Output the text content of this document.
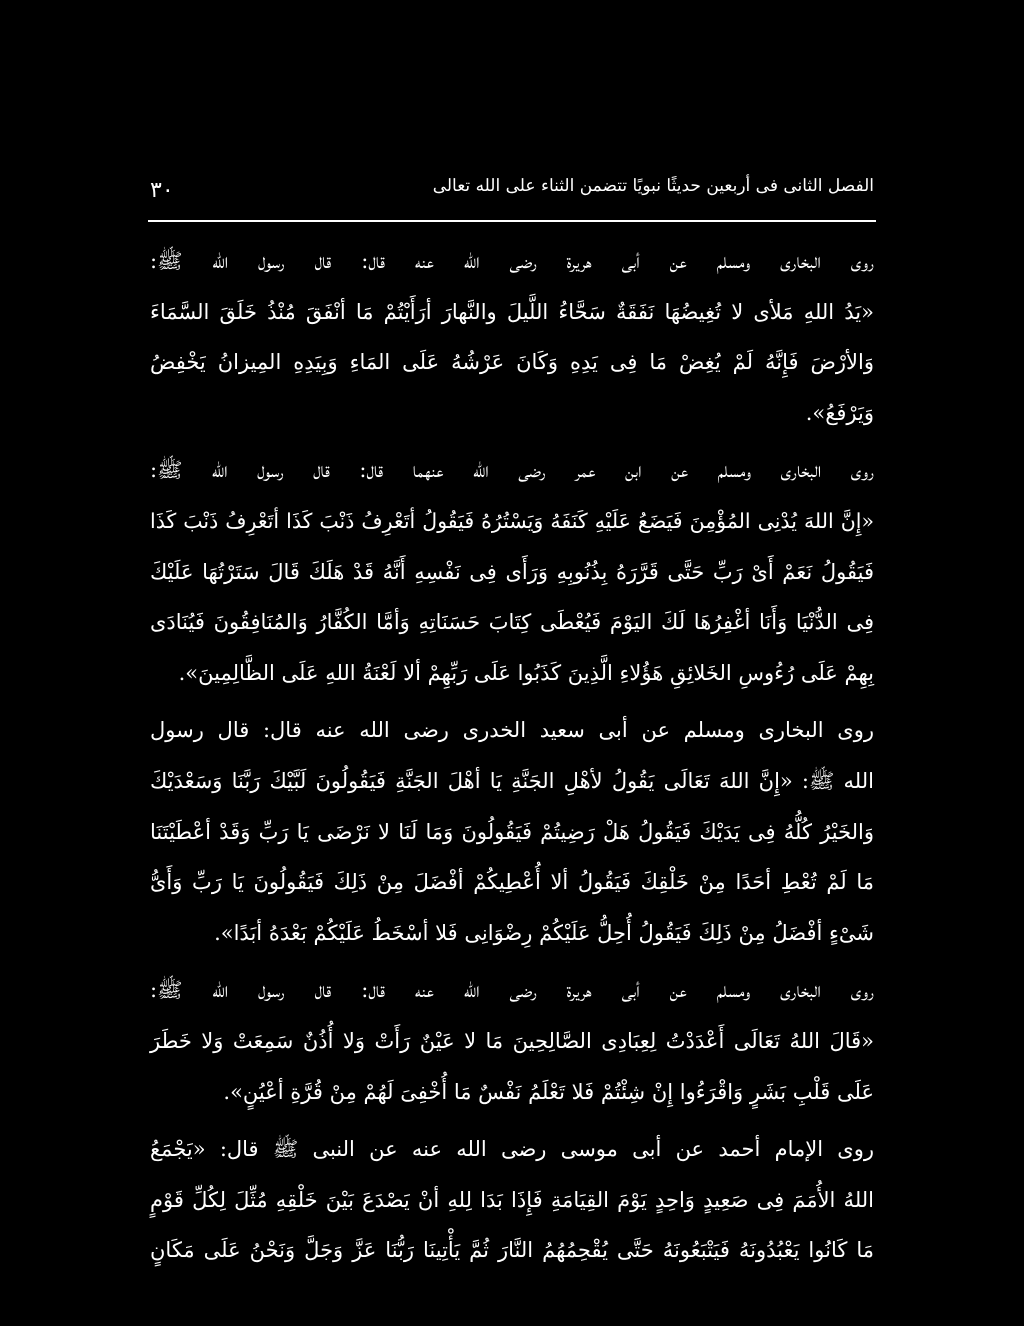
٣٠	الفصل الثانى فى أربعين حديثًا نبويًا تتضمن الثناء على الله تعالى

روى البخارى ومسلم عن أبى هريرة رضى الله عنه قال: قال رسول الله ﷺ:
«يَدُ اللهِ مَلأى لا تُغِيضُهَا نَفَقَةٌ سَحَّاءُ اللَّيلَ والنَّهارَ أرَأَيْتُمْ مَا أنْفَقَ مُنْذُ خَلَقَ السَّمَاءَ
وَالأرْضَ فَإِنَّهُ لَمْ يُغِضْ مَا فِى يَدِهِ وَكَانَ عَرْشُهُ عَلَى المَاءِ وَبِيَدِهِ المِيزانُ يَخْفِضُ
وَيَرْفَعُ».

روى البخارى ومسلم عن ابن عمر رضى الله عنهما قال: قال رسول الله ﷺ:
«إِنَّ اللهَ يُدْنِى المُؤْمِنَ فَيَضَعُ عَلَيْهِ كَنَفَهُ وَيَسْتُرُهُ فَيَقُولُ أتَعْرِفُ ذَنْبَ كَذَا أتَعْرِفُ ذَنْبَ كَذَا
فَيَقُولُ نَعَمْ أَىْ رَبِّ حَتَّى قَرَّرَهُ بِذُنُوبِهِ وَرَأَى فِى نَفْسِهِ أَنَّهُ قَدْ هَلَكَ قَالَ سَتَرْتُهَا عَلَيْكَ
فِى الدُّنْيَا وَأَنَا أغْفِرُهَا لَكَ اليَوْمَ فَيُعْطَى كِتَابَ حَسَنَاتِهِ وَأمَّا الكُفَّارُ وَالمُنَافِقُونَ فَيُنَادَى
بِهِمْ عَلَى رُءُوسِ الخَلائِقِ هَؤُلاءِ الَّذِينَ كَذَبُوا عَلَى رَبِّهِمْ ألا لَعْنَةُ اللهِ عَلَى الظَّالِمِينَ».

روى البخارى ومسلم عن أبى سعيد الخدرى رضى الله عنه قال: قال رسول
الله ﷺ: «إِنَّ اللهَ تَعَالَى يَقُولُ لأهْلِ الجَنَّةِ يَا أهْلَ الجَنَّةِ فَيَقُولُونَ لَبَّيْكَ رَبَّنَا وَسَعْدَيْكَ
وَالخَيْرُ كُلُّهُ فِى يَدَيْكَ فَيَقُولُ هَلْ رَضِيتُمْ فَيَقُولُونَ وَمَا لَنَا لا نَرْضَى يَا رَبِّ وَقَدْ أعْطَيْتَنَا
مَا لَمْ تُعْطِ أحَدًا مِنْ خَلْقِكَ فَيَقُولُ ألا أُعْطِيكُمْ أفْضَلَ مِنْ ذَلِكَ فَيَقُولُونَ يَا رَبِّ وَأَىُّ
شَىْءٍ أفْضَلُ مِنْ ذَلِكَ فَيَقُولُ أُحِلُّ عَلَيْكُمْ رِضْوَانِى فَلا أسْخَطُ عَلَيْكُمْ بَعْدَهُ أبَدًا».

روى البخارى ومسلم عن أبى هريرة رضى الله عنه قال: قال رسول الله ﷺ:
«قَالَ اللهُ تَعَالَى أَعْدَدْتُ لِعِبَادِى الصَّالِحِينَ مَا لا عَيْنٌ رَأَتْ وَلا أُذُنٌ سَمِعَتْ وَلا خَطَرَ
عَلَى قَلْبِ بَشَرٍ وَاقْرَءُوا إِنْ شِئْتُمْ فَلا تَعْلَمُ نَفْسٌ مَا أُخْفِىَ لَهُمْ مِنْ قُرَّةِ أعْيُنٍ».

روى الإمام أحمد عن أبى موسى رضى الله عنه عن النبى ﷺ قال: «يَجْمَعُ
اللهُ الأُمَمَ فِى صَعِيدٍ وَاحِدٍ يَوْمَ القِيَامَةِ فَإِذَا بَدَا لِلهِ أنْ يَصْدَعَ بَيْنَ خَلْقِهِ مُثِّلَ لِكُلِّ قَوْمٍ
مَا كَانُوا يَعْبُدُونَهُ فَيَتْبَعُونَهُ حَتَّى يُقْحِمُهُمُ النَّارَ ثُمَّ يَأْتِينَا رَبُّنَا عَزَّ وَجَلَّ وَنَحْنُ عَلَى مَكَانٍ
